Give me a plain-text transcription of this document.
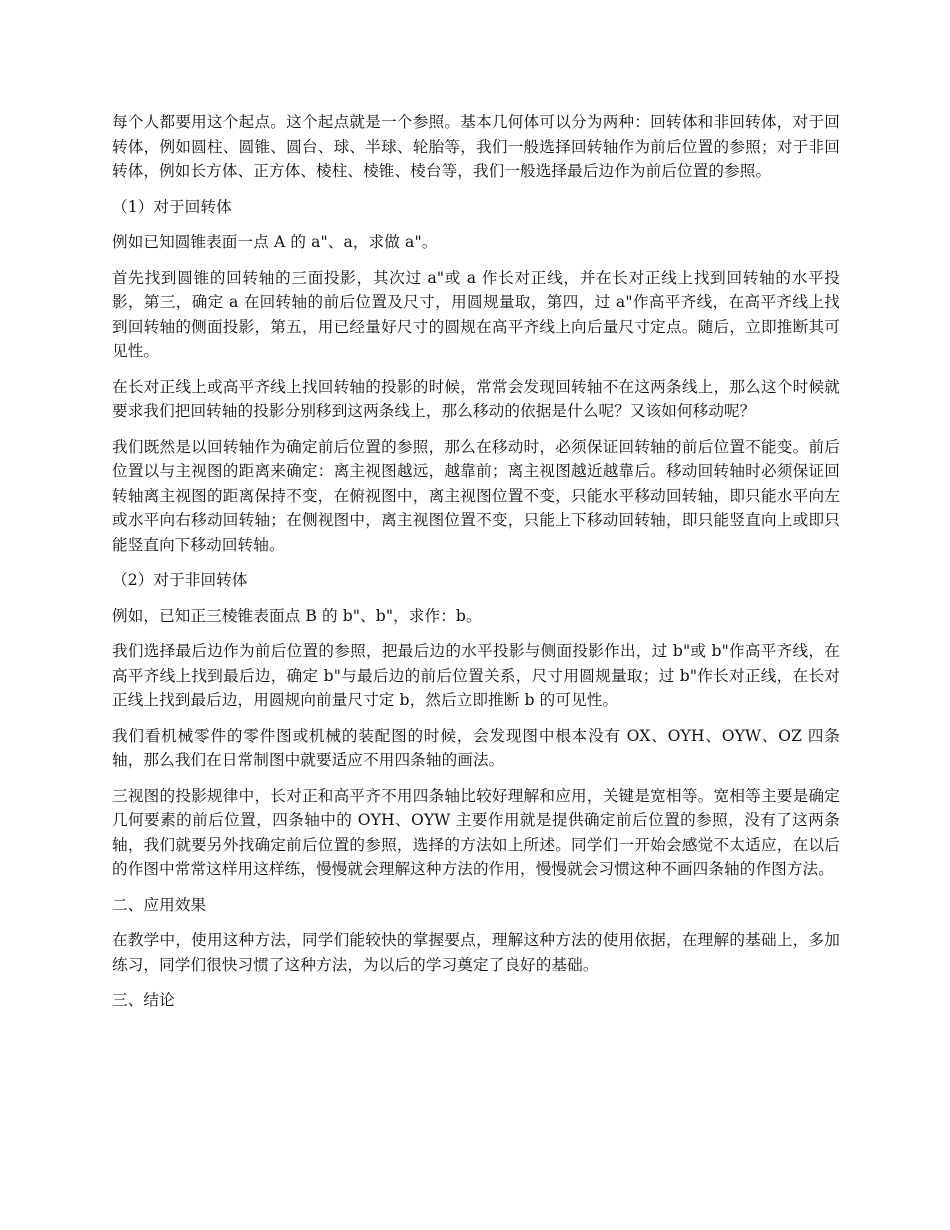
每个人都要用这个起点。这个起点就是一个参照。基本几何体可以分为两种：回转体和非回转体，对于回转体，例如圆柱、圆锥、圆台、球、半球、轮胎等，我们一般选择回转轴作为前后位置的参照；对于非回转体，例如长方体、正方体、棱柱、棱锥、棱台等，我们一般选择最后边作为前后位置的参照。

（1）对于回转体

例如已知圆锥表面一点 A 的 a"、a，求做 a"。

首先找到圆锥的回转轴的三面投影，其次过 a"或 a 作长对正线，并在长对正线上找到回转轴的水平投影，第三，确定 a 在回转轴的前后位置及尺寸，用圆规量取，第四，过 a"作高平齐线，在高平齐线上找到回转轴的侧面投影，第五，用已经量好尺寸的圆规在高平齐线上向后量尺寸定点。随后，立即推断其可见性。

在长对正线上或高平齐线上找回转轴的投影的时候，常常会发现回转轴不在这两条线上，那么这个时候就要求我们把回转轴的投影分别移到这两条线上，那么移动的依据是什么呢？又该如何移动呢？

我们既然是以回转轴作为确定前后位置的参照，那么在移动时，必须保证回转轴的前后位置不能变。前后位置以与主视图的距离来确定：离主视图越远，越靠前；离主视图越近越靠后。移动回转轴时必须保证回转轴离主视图的距离保持不变，在俯视图中，离主视图位置不变，只能水平移动回转轴，即只能水平向左或水平向右移动回转轴；在侧视图中，离主视图位置不变，只能上下移动回转轴，即只能竖直向上或即只能竖直向下移动回转轴。

（2）对于非回转体

例如，已知正三棱锥表面点 B 的 b"、b"，求作：b。

我们选择最后边作为前后位置的参照，把最后边的水平投影与侧面投影作出，过 b"或 b"作高平齐线，在高平齐线上找到最后边，确定 b"与最后边的前后位置关系，尺寸用圆规量取；过 b"作长对正线，在长对正线上找到最后边，用圆规向前量尺寸定 b，然后立即推断 b 的可见性。

我们看机械零件的零件图或机械的装配图的时候，会发现图中根本没有 OX、OYH、OYW、OZ 四条轴，那么我们在日常制图中就要适应不用四条轴的画法。

三视图的投影规律中，长对正和高平齐不用四条轴比较好理解和应用，关键是宽相等。宽相等主要是确定几何要素的前后位置，四条轴中的 OYH、OYW 主要作用就是提供确定前后位置的参照，没有了这两条轴，我们就要另外找确定前后位置的参照，选择的方法如上所述。同学们一开始会感觉不太适应，在以后的作图中常常这样用这样练，慢慢就会理解这种方法的作用，慢慢就会习惯这种不画四条轴的作图方法。

二、应用效果

在教学中，使用这种方法，同学们能较快的掌握要点，理解这种方法的使用依据，在理解的基础上，多加练习，同学们很快习惯了这种方法，为以后的学习奠定了良好的基础。

三、结论
